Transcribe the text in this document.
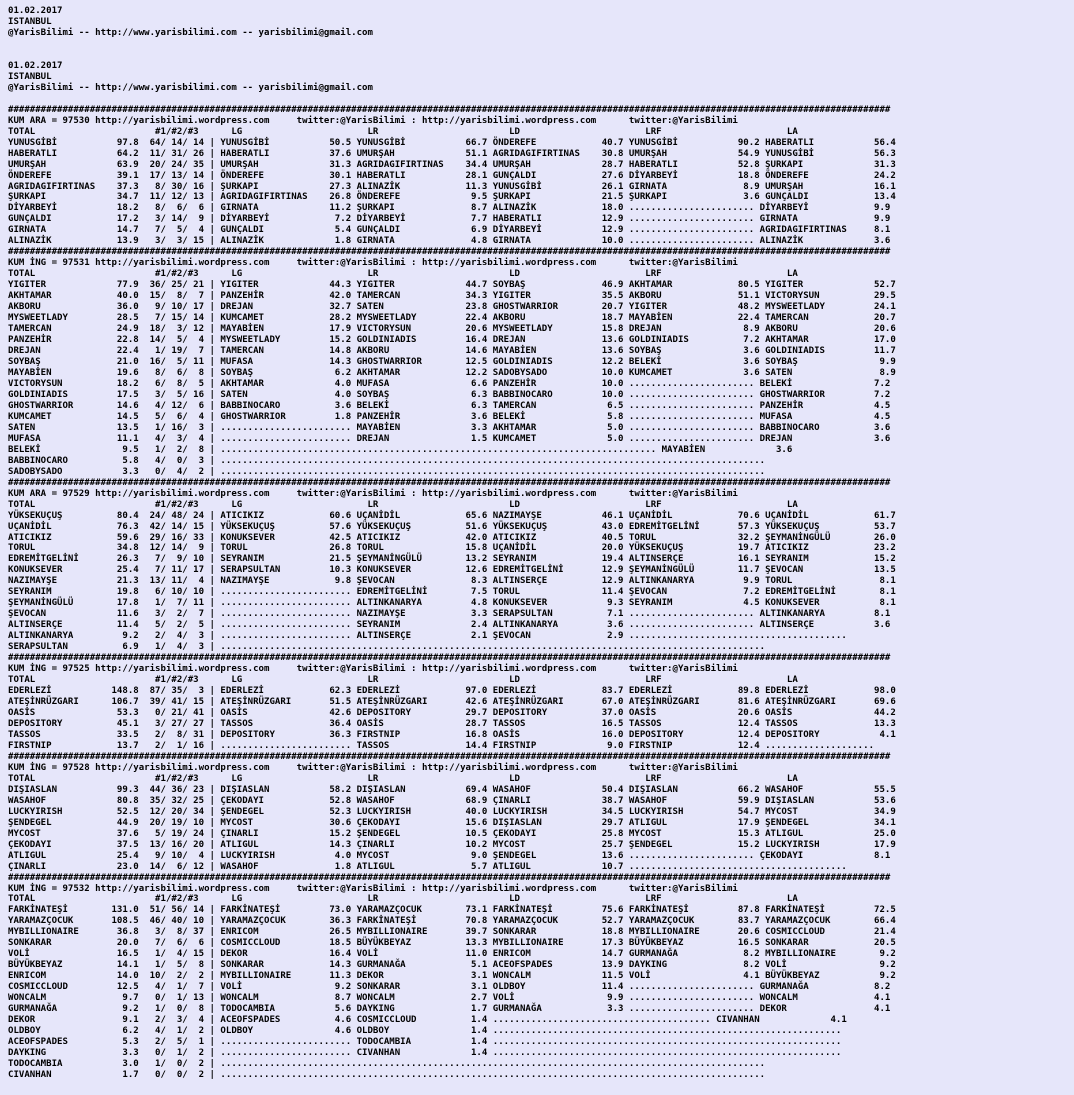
01.02.2017
ISTANBUL
@YarisBilimi -- http://www.yarisbilimi.com -- yarisbilimi@gmail.com

01.02.2017
ISTANBUL
@YarisBilimi -- http://www.yarisbilimi.com -- yarisbilimi@gmail.com

##################################################################################################################################################################
KUM ARA = 97530 http://yarisbilimi.wordpress.com     twitter:@YarisBilimi : http://yarisbilimi.wordpress.com      twitter:@YarisBilimi
TOTAL                      #1/#2/#3      LG                       LR                        LD                       LRF                       LA
YUNUSGİBİ           97.8  64/ 14/ 14 | YUNUSGİBİ           50.5 YUNUSGİBİ           66.7 ÖNDEREFE            40.7 YUNUSGİBİ           90.2 HABERATLI           56.4
HABERATLI           64.2  11/ 31/ 26 | HABERATLI           37.6 UMURŞAH             51.1 AGRIDAGIFIRTINAS    30.8 UMURŞAH             54.9 YUNUSGİBİ           56.3
UMURŞAH             63.9  20/ 24/ 35 | UMURŞAH             31.3 AGRIDAGIFIRTINAS    34.4 UMURŞAH             28.7 HABERATLI           52.8 ŞURKAPI             31.3
ÖNDEREFE            39.1  17/ 13/ 14 | ÖNDEREFE            30.1 HABERATLI           28.1 GUNÇALDI            27.6 DİYARBEYİ           18.8 ÖNDEREFE            24.2
AGRIDAGIFIRTINAS    37.3   8/ 30/ 16 | ŞURKAPI             27.3 ALINAZİK            11.3 YUNUSGİBİ           26.1 GIRNATA              8.9 UMURŞAH             16.1
ŞURKAPI             34.7  11/ 12/ 13 | AGRIDAGIFIRTINAS    26.8 ÖNDEREFE             9.5 ŞURKAPI             21.5 ŞURKAPI              3.6 GUNÇALDI            13.4
DİYARBEYİ           18.2   8/  6/  6 | GIRNATA             11.2 ŞURKAPI              8.7 ALINAZİK            18.0 ....................... DİYARBEYİ            9.9
GUNÇALDI            17.2   3/ 14/  9 | DİYARBEYİ            7.2 DİYARBEYİ            7.7 HABERATLI           12.9 ....................... GIRNATA              9.9
GIRNATA             14.7   7/  5/  4 | GUNÇALDI             5.4 GUNÇALDI             6.9 DİYARBEYİ           12.9 ....................... AGRIDAGIFIRTINAS     8.1
ALINAZİK            13.9   3/  3/ 15 | ALINAZİK             1.8 GIRNATA              4.8 GIRNATA             10.0 ....................... ALINAZİK             3.6
##################################################################################################################################################################
KUM İNG = 97531 http://yarisbilimi.wordpress.com     twitter:@YarisBilimi : http://yarisbilimi.wordpress.com      twitter:@YarisBilimi
TOTAL                      #1/#2/#3      LG                       LR                        LD                       LRF                       LA
YIGITER             77.9  36/ 25/ 21 | YIGITER             44.3 YIGITER             44.7 SOYBAŞ              46.9 AKHTAMAR            80.5 YIGITER             52.7
AKHTAMAR            40.0  15/  8/  7 | PANZEHİR            42.0 TAMERCAN            34.3 YIGITER             35.5 AKBORU              51.1 VICTORYSUN          29.5
AKBORU              36.0   9/ 10/ 17 | DREJAN              32.7 SATEN               23.8 GHOSTWARRIOR        20.7 YIGITER             48.2 MYSWEETLADY         24.1
MYSWEETLADY         28.5   7/ 15/ 14 | KUMCAMET            28.2 MYSWEETLADY         22.4 AKBORU              18.7 MAYABİEN            22.4 TAMERCAN            20.7
TAMERCAN            24.9  18/  3/ 12 | MAYABİEN            17.9 VICTORYSUN          20.6 MYSWEETLADY         15.8 DREJAN               8.9 AKBORU              20.6
PANZEHİR            22.8  14/  5/  4 | MYSWEETLADY         15.2 GOLDINIADIS         16.4 DREJAN              13.6 GOLDINIADIS          7.2 AKHTAMAR            17.0
DREJAN              22.4   1/ 19/  7 | TAMERCAN            14.8 AKBORU              14.6 MAYABİEN            13.6 SOYBAŞ               3.6 GOLDINIADIS         11.7
SOYBAŞ              21.0  16/  5/ 11 | MUFASA              14.3 GHOSTWARRIOR        12.5 GOLDINIADIS         12.2 BELEKİ               3.6 SOYBAŞ               9.9
MAYABİEN            19.6   8/  6/  8 | SOYBAŞ               6.2 AKHTAMAR            12.2 SADOBYSADO          10.0 KUMCAMET             3.6 SATEN                8.9
VICTORYSUN          18.2   6/  8/  5 | AKHTAMAR             4.0 MUFASA               6.6 PANZEHİR            10.0 ....................... BELEKİ               7.2
GOLDINIADIS         17.5   3/  5/ 16 | SATEN                4.0 SOYBAŞ               6.3 BABBINOCARO         10.0 ....................... GHOSTWARRIOR         7.2
GHOSTWARRIOR        14.6   4/ 12/  6 | BABBINOCARO          3.6 BELEKİ               6.3 TAMERCAN             6.5 ....................... PANZEHİR             4.5
KUMCAMET            14.5   5/  6/  4 | GHOSTWARRIOR         1.8 PANZEHİR             3.6 BELEKİ               5.8 ....................... MUFASA               4.5
SATEN               13.5   1/ 16/  3 | ........................ MAYABİEN             3.3 AKHTAMAR             5.0 ....................... BABBINOCARO          3.6
MUFASA              11.1   4/  3/  4 | ........................ DREJAN               1.5 KUMCAMET             5.0 ....................... DREJAN               3.6
BELEKİ               9.5   1/  2/  8 | ................................................................................ MAYABİEN             3.6
BABBINOCARO          5.8   4/  0/  3 | ....................................................................................................
SADOBYSADO           3.3   0/  4/  2 | ....................................................................................................
##################################################################################################################################################################
KUM ARA = 97529 http://yarisbilimi.wordpress.com     twitter:@YarisBilimi : http://yarisbilimi.wordpress.com      twitter:@YarisBilimi
TOTAL                      #1/#2/#3      LG                       LR                        LD                       LRF                       LA
YÜKSEKUÇUŞ          80.4  24/ 48/ 24 | ATICIKIZ            60.6 UÇANİDİL            65.6 NAZIMAYŞE           46.1 UÇANİDİL            70.6 UÇANİDİL            61.7
UÇANİDİL            76.3  42/ 14/ 15 | YÜKSEKUÇUŞ          57.6 YÜKSEKUÇUŞ          51.6 YÜKSEKUÇUŞ          43.0 EDREMİTGELİNİ       57.3 YÜKSEKUÇUŞ          53.7
ATICIKIZ            59.6  29/ 16/ 33 | KONUKSEVER          42.5 ATICIKIZ            42.0 ATICIKIZ            40.5 TORUL               32.2 ŞEYMANİNGÜLÜ        26.0
TORUL               34.8  12/ 14/  9 | TORUL               26.8 TORUL               15.8 UÇANİDİL            20.0 YÜKSEKUÇUŞ          19.7 ATICIKIZ            23.2
EDREMİTGELİNİ       26.3   7/  9/ 10 | SEYRANIM            21.5 ŞEYMANİNGÜLÜ        13.2 SEYRANIM            19.4 ALTINSERÇE          16.1 SEYRANIM            15.2
KONUKSEVER          25.4   7/ 11/ 17 | SERAPSULTAN         10.3 KONUKSEVER          12.6 EDREMİTGELİNİ       12.9 ŞEYMANİNGÜLÜ        11.7 ŞEVOCAN             13.5
NAZIMAYŞE           21.3  13/ 11/  4 | NAZIMAYŞE            9.8 ŞEVOCAN              8.3 ALTINSERÇE          12.9 ALTINKANARYA         9.9 TORUL                8.1
SEYRANIM            19.8   6/ 10/ 10 | ........................ EDREMİTGELİNİ        7.5 TORUL               11.4 ŞEVOCAN              7.2 EDREMİTGELİNİ        8.1
ŞEYMANİNGÜLÜ        17.8   1/  7/ 11 | ........................ ALTINKANARYA         4.8 KONUKSEVER           9.3 SEYRANIM             4.5 KONUKSEVER           8.1
ŞEVOCAN             11.6   3/  2/  7 | ........................ NAZIMAYŞE            3.3 SERAPSULTAN          7.1 ....................... ALTINKANARYA         8.1
ALTINSERÇE          11.4   5/  2/  5 | ........................ SEYRANIM             2.4 ALTINKANARYA         3.6 ....................... ALTINSERÇE           3.6
ALTINKANARYA         9.2   2/  4/  3 | ........................ ALTINSERÇE           2.1 ŞEVOCAN              2.9 ........................................
SERAPSULTAN          6.9   1/  4/  3 | ....................................................................................................
##################################################################################################################################################################
KUM İNG = 97525 http://yarisbilimi.wordpress.com     twitter:@YarisBilimi : http://yarisbilimi.wordpress.com      twitter:@YarisBilimi
TOTAL                      #1/#2/#3      LG                       LR                        LD                       LRF                       LA
EDERLEZİ           148.8  87/ 35/  3 | EDERLEZİ            62.3 EDERLEZİ            97.0 EDERLEZİ            83.7 EDERLEZİ            89.8 EDERLEZİ            98.0
ATEŞİNRÜZGARI      106.7  39/ 41/ 15 | ATEŞİNRÜZGARI       51.5 ATEŞİNRÜZGARI       42.6 ATEŞİNRÜZGARI       67.0 ATEŞİNRÜZGARI       81.6 ATEŞİNRÜZGARI       69.6
OASİS               53.3   0/ 21/ 41 | OASİS               42.6 DEPOSITORY          29.7 DEPOSITORY          37.0 OASİS               20.6 OASİS               44.2
DEPOSITORY          45.1   3/ 27/ 27 | TASSOS              36.4 OASİS               28.7 TASSOS              16.5 TASSOS              12.4 TASSOS              13.3
TASSOS              33.5   2/  8/ 31 | DEPOSITORY          36.3 FIRSTNIP            16.8 OASİS               16.0 DEPOSITORY          12.4 DEPOSITORY           4.1
FIRSTNIP            13.7   2/  1/ 16 | ........................ TASSOS              14.4 FIRSTNIP             9.0 FIRSTNIP            12.4 ....................
##################################################################################################################################################################
KUM İNG = 97528 http://yarisbilimi.wordpress.com     twitter:@YarisBilimi : http://yarisbilimi.wordpress.com      twitter:@YarisBilimi
TOTAL                      #1/#2/#3      LG                       LR                        LD                       LRF                       LA
DIŞIASLAN           99.3  44/ 36/ 23 | DIŞIASLAN           58.2 DIŞIASLAN           69.4 WASAHOF             50.4 DIŞIASLAN           66.2 WASAHOF             55.5
WASAHOF             80.8  35/ 32/ 25 | ÇEKODAYI            52.8 WASAHOF             68.9 ÇINARLI             38.7 WASAHOF             59.9 DIŞIASLAN           53.6
LUCKYIRISH          52.5  12/ 20/ 34 | ŞENDEGEL            52.3 LUCKYIRISH          40.0 LUCKYIRISH          34.5 LUCKYIRISH          54.7 MYCOST              34.9
ŞENDEGEL            44.9  20/ 19/ 10 | MYCOST              30.6 ÇEKODAYI            15.6 DIŞIASLAN           29.7 ATLIGUL             17.9 ŞENDEGEL            34.1
MYCOST              37.6   5/ 19/ 24 | ÇINARLI             15.2 ŞENDEGEL            10.5 ÇEKODAYI            25.8 MYCOST              15.3 ATLIGUL             25.0
ÇEKODAYI            37.5  13/ 16/ 20 | ATLIGUL             14.3 ÇINARLI             10.2 MYCOST              25.7 ŞENDEGEL            15.2 LUCKYIRISH          17.9
ATLIGUL             25.4   9/ 10/  4 | LUCKYIRISH           4.0 MYCOST               9.0 ŞENDEGEL            13.6 ....................... ÇEKODAYI             8.1
ÇINARLI             23.0  14/  6/ 12 | WASAHOF              1.8 ATLIGUL              5.7 ATLIGUL             10.7 ........................................
##################################################################################################################################################################
KUM İNG = 97532 http://yarisbilimi.wordpress.com     twitter:@YarisBilimi : http://yarisbilimi.wordpress.com      twitter:@YarisBilimi
TOTAL                      #1/#2/#3      LG                       LR                        LD                       LRF                       LA
FARKİNATEŞİ        131.0  51/ 56/ 14 | FARKİNATEŞİ         73.0 YARAMAZÇOCUK        73.1 FARKİNATEŞİ         75.6 FARKİNATEŞİ         87.8 FARKİNATEŞİ         72.5
YARAMAZÇOCUK       108.5  46/ 40/ 10 | YARAMAZÇOCUK        36.3 FARKİNATEŞİ         70.8 YARAMAZÇOCUK        52.7 YARAMAZÇOCUK        83.7 YARAMAZÇOCUK        66.4
MYBILLIONAIRE       36.8   3/  8/ 37 | ENRICOM             26.5 MYBILLIONAIRE       39.7 SONKARAR            18.8 MYBILLIONAIRE       20.6 COSMICCLOUD         21.4
SONKARAR            20.0   7/  6/  6 | COSMICCLOUD         18.5 BÜYÜKBEYAZ          13.3 MYBILLIONAIRE       17.3 BÜYÜKBEYAZ          16.5 SONKARAR            20.5
VOLİ                16.5   1/  4/ 15 | DEKOR               16.4 VOLİ                11.0 ENRICOM             14.7 GURMANAĞA            8.2 MYBILLIONAIRE        9.2
BÜYÜKBEYAZ          14.1   1/  5/  8 | SONKARAR            14.3 GURMANAĞA            5.1 ACEOFSPADES         13.9 DAYKING              8.2 VOLİ                 9.2
ENRICOM             14.0  10/  2/  2 | MYBILLIONAIRE       11.3 DEKOR                3.1 WONCALM             11.5 VOLİ                 4.1 BÜYÜKBEYAZ           9.2
COSMICCLOUD         12.5   4/  1/  7 | VOLİ                 9.2 SONKARAR             3.1 OLDBOY              11.4 ....................... GURMANAĞA            8.2
WONCALM              9.7   0/  1/ 13 | WONCALM              8.7 WONCALM              2.7 VOLİ                 9.9 ....................... WONCALM              4.1
GURMANAĞA            9.2   1/  0/  8 | TODOCAMBIA           5.6 DAYKING              1.7 GURMANAĞA            3.3 ....................... DEKOR                4.1
DEKOR                9.1   2/  3/  4 | ACEOFSPADES          4.6 COSMICCLOUD          1.4 ........................................ CIVANHAN             4.1
OLDBOY               6.2   4/  1/  2 | OLDBOY               4.6 OLDBOY               1.4 ................................................................
ACEOFSPADES          5.3   2/  5/  1 | ........................ TODOCAMBIA           1.4 ................................................................
DAYKING              3.3   0/  1/  2 | ........................ CIVANHAN             1.4 ................................................................
TODOCAMBIA           3.0   1/  0/  2 | ....................................................................................................
CIVANHAN             1.7   0/  0/  2 | ....................................................................................................
